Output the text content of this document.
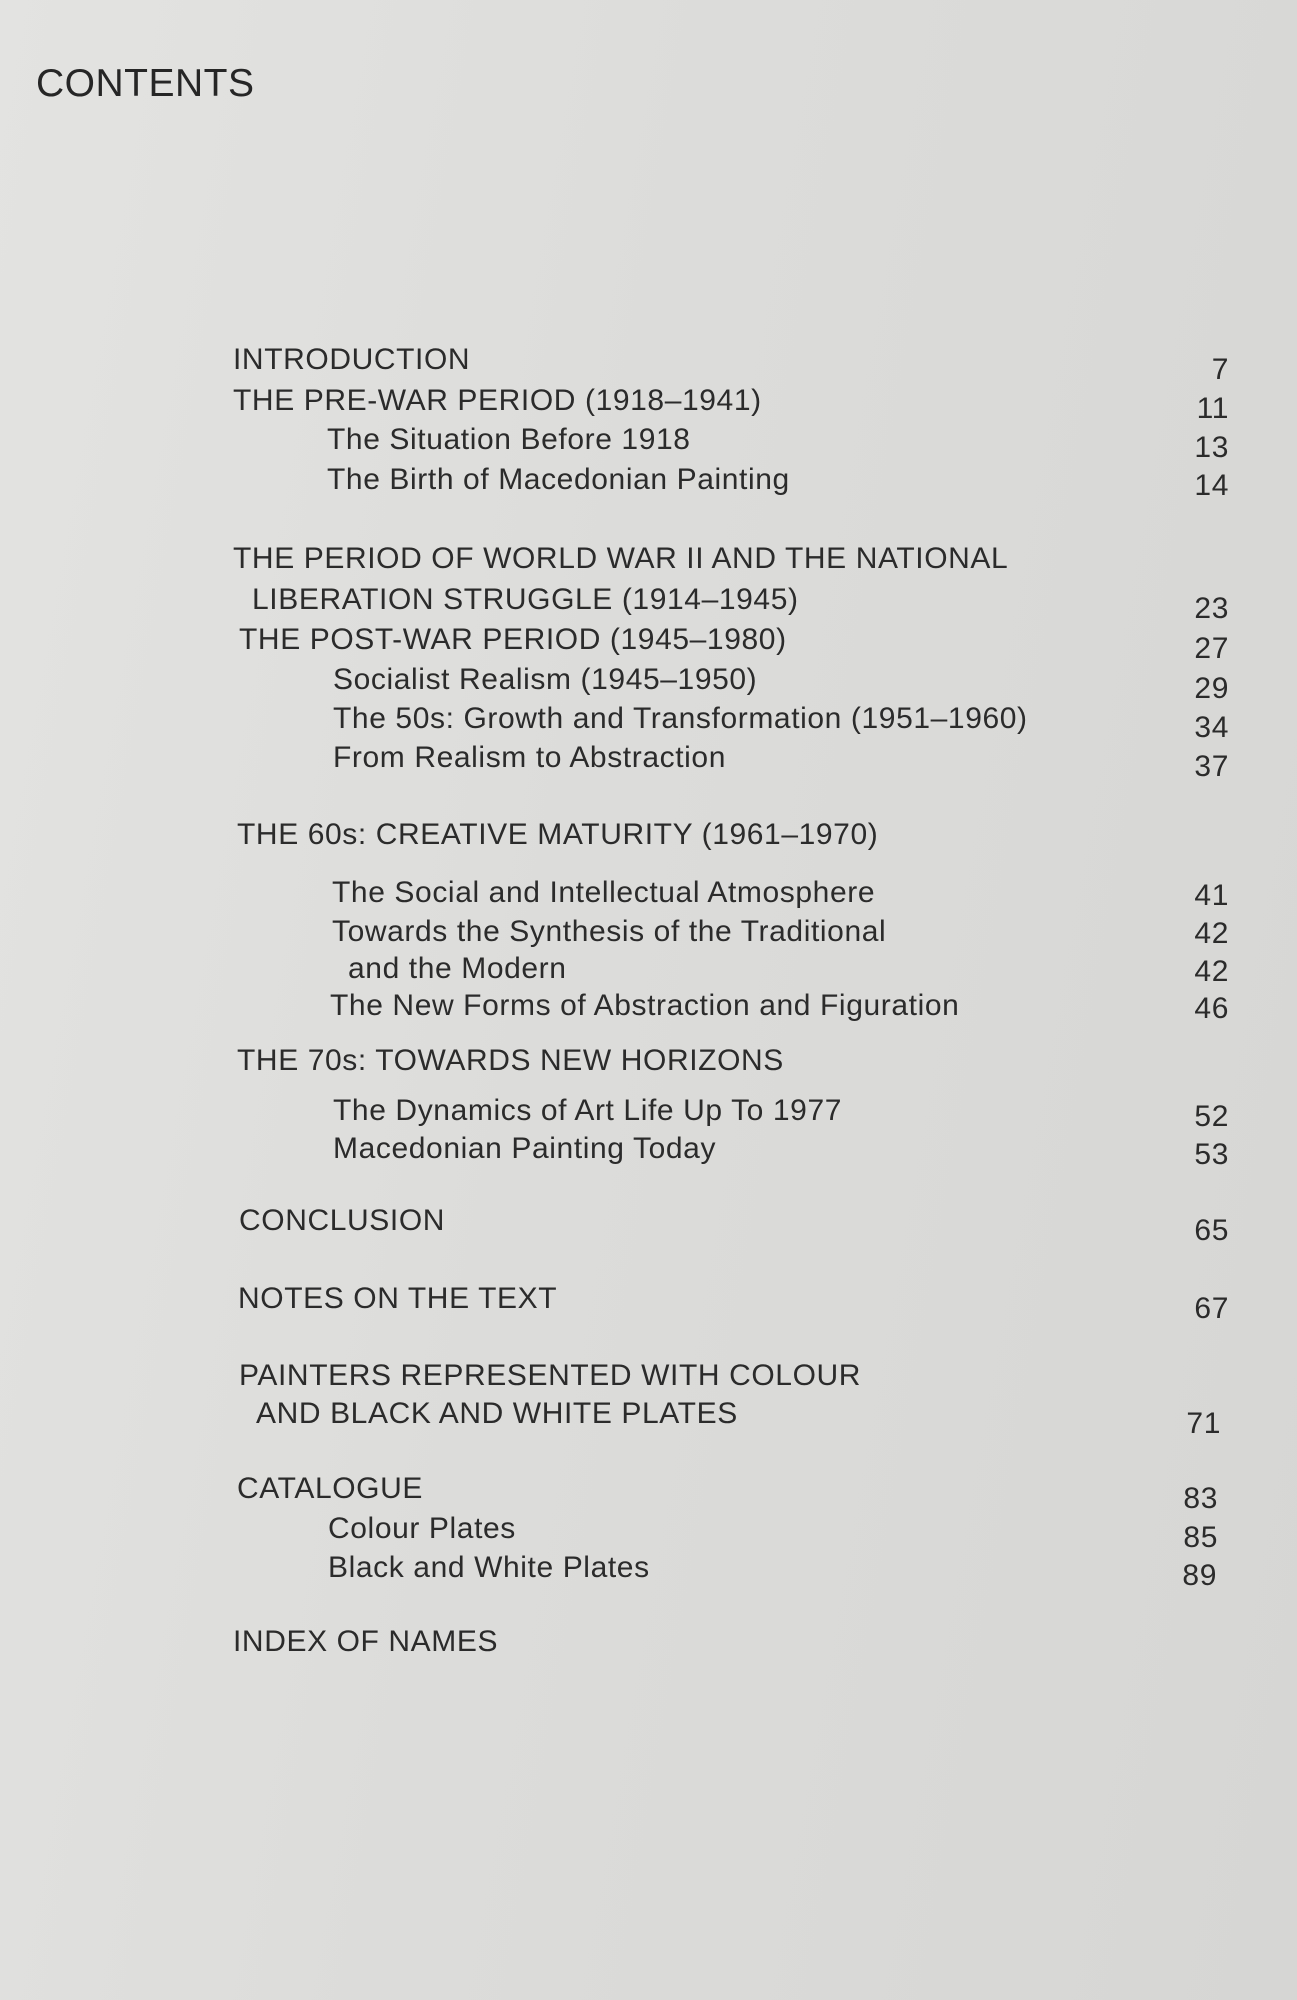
CONTENTS
INTRODUCTION	7
THE PRE-WAR PERIOD (1918–1941)	11
The Situation Before 1918	13
The Birth of Macedonian Painting	14
THE PERIOD OF WORLD WAR II AND THE NATIONAL
LIBERATION STRUGGLE (1914–1945)	23
THE POST-WAR PERIOD (1945–1980)	27
Socialist Realism (1945–1950)	29
The 50s: Growth and Transformation (1951–1960)	34
From Realism to Abstraction	37
THE 60s: CREATIVE MATURITY (1961–1970)
The Social and Intellectual Atmosphere	41
Towards the Synthesis of the Traditional	42
and the Modern	42
The New Forms of Abstraction and Figuration	46
THE 70s: TOWARDS NEW HORIZONS
The Dynamics of Art Life Up To 1977	52
Macedonian Painting Today	53
CONCLUSION	65
NOTES ON THE TEXT	67
PAINTERS REPRESENTED WITH COLOUR
AND BLACK AND WHITE PLATES	71
CATALOGUE	83
Colour Plates	85
Black and White Plates	89
INDEX OF NAMES
